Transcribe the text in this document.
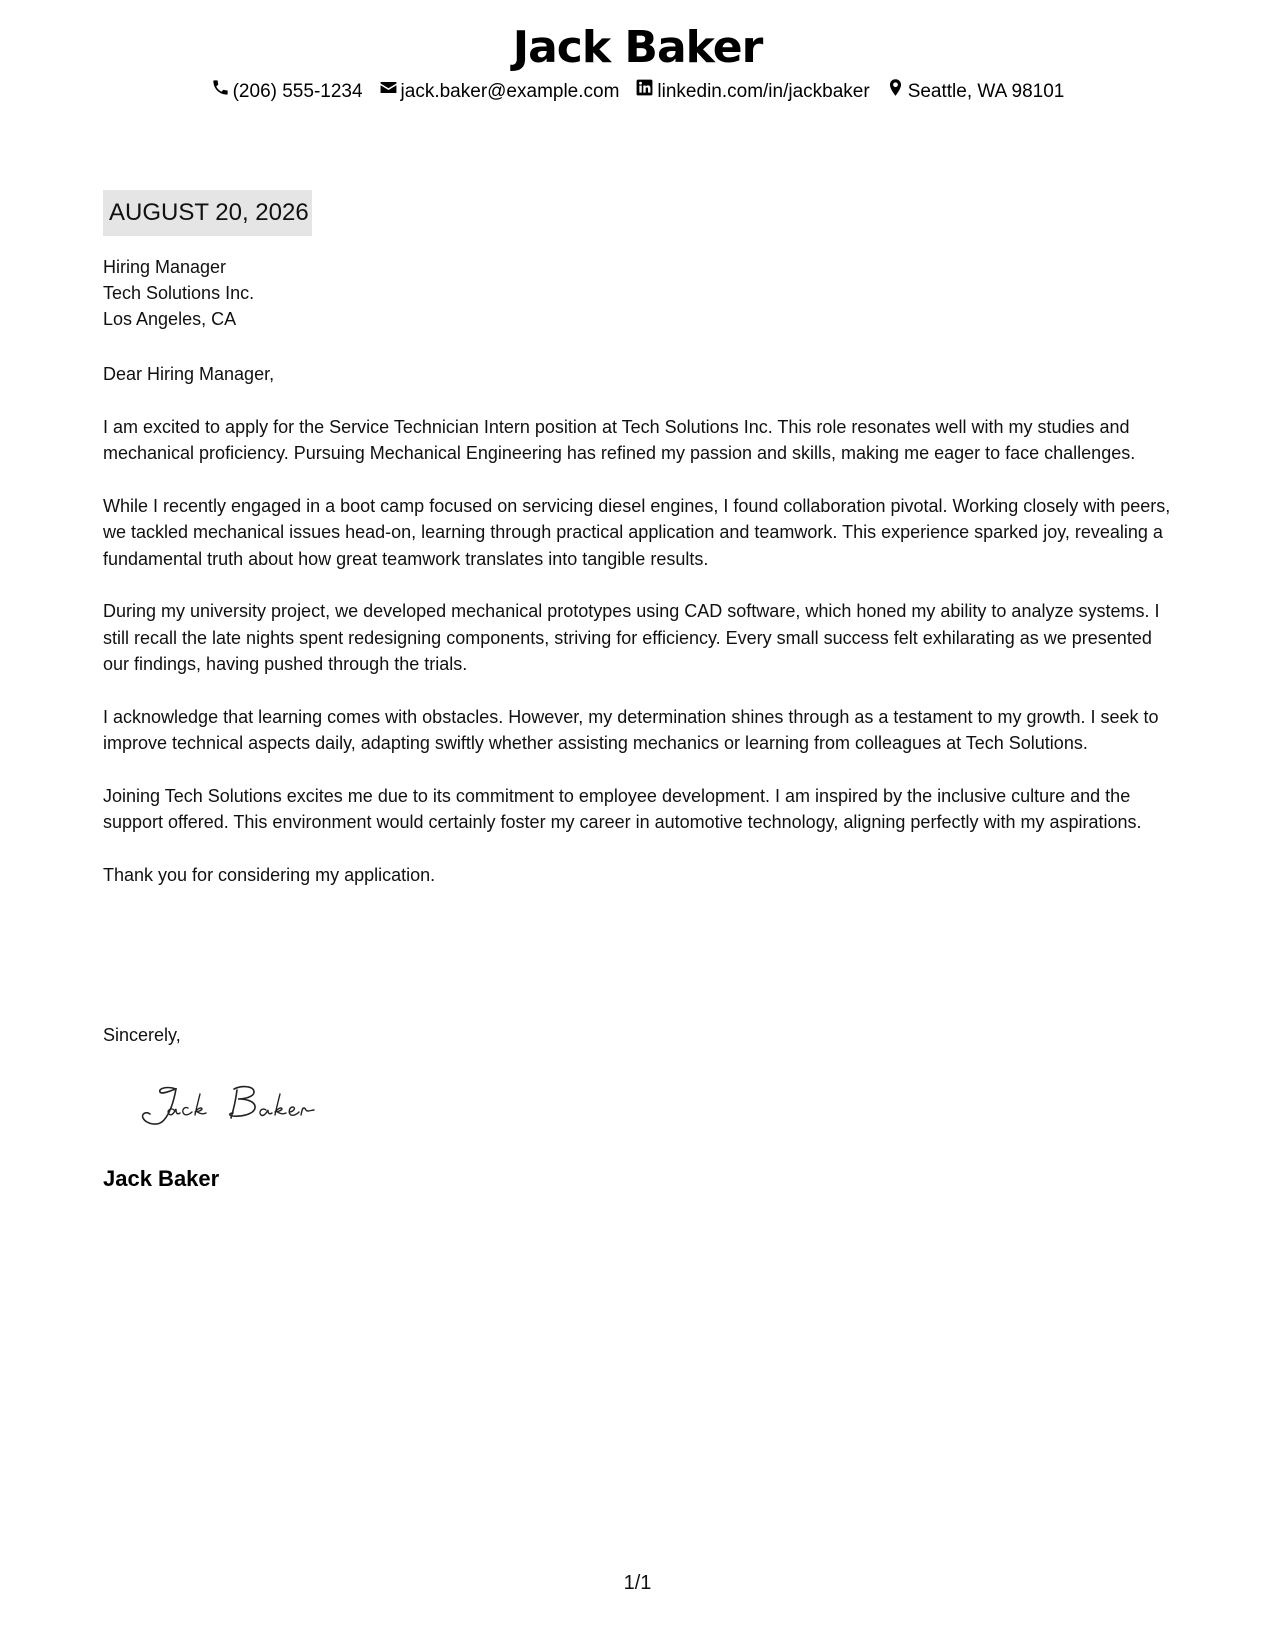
Jack Baker
(206) 555-1234 jack.baker@example.com linkedin.com/in/jackbaker Seattle, WA 98101
AUGUST 20, 2026
Hiring Manager
Tech Solutions Inc.
Los Angeles, CA

Dear Hiring Manager,

I am excited to apply for the Service Technician Intern position at Tech Solutions Inc. This role resonates well with my studies and mechanical proficiency. Pursuing Mechanical Engineering has refined my passion and skills, making me eager to face challenges.

While I recently engaged in a boot camp focused on servicing diesel engines, I found collaboration pivotal. Working closely with peers, we tackled mechanical issues head-on, learning through practical application and teamwork. This experience sparked joy, revealing a fundamental truth about how great teamwork translates into tangible results.

During my university project, we developed mechanical prototypes using CAD software, which honed my ability to analyze systems. I still recall the late nights spent redesigning components, striving for efficiency. Every small success felt exhilarating as we presented our findings, having pushed through the trials.

I acknowledge that learning comes with obstacles. However, my determination shines through as a testament to my growth. I seek to improve technical aspects daily, adapting swiftly whether assisting mechanics or learning from colleagues at Tech Solutions.

Joining Tech Solutions excites me due to its commitment to employee development. I am inspired by the inclusive culture and the support offered. This environment would certainly foster my career in automotive technology, aligning perfectly with my aspirations.

Thank you for considering my application.

Sincerely,
Jack Baker
1/1
